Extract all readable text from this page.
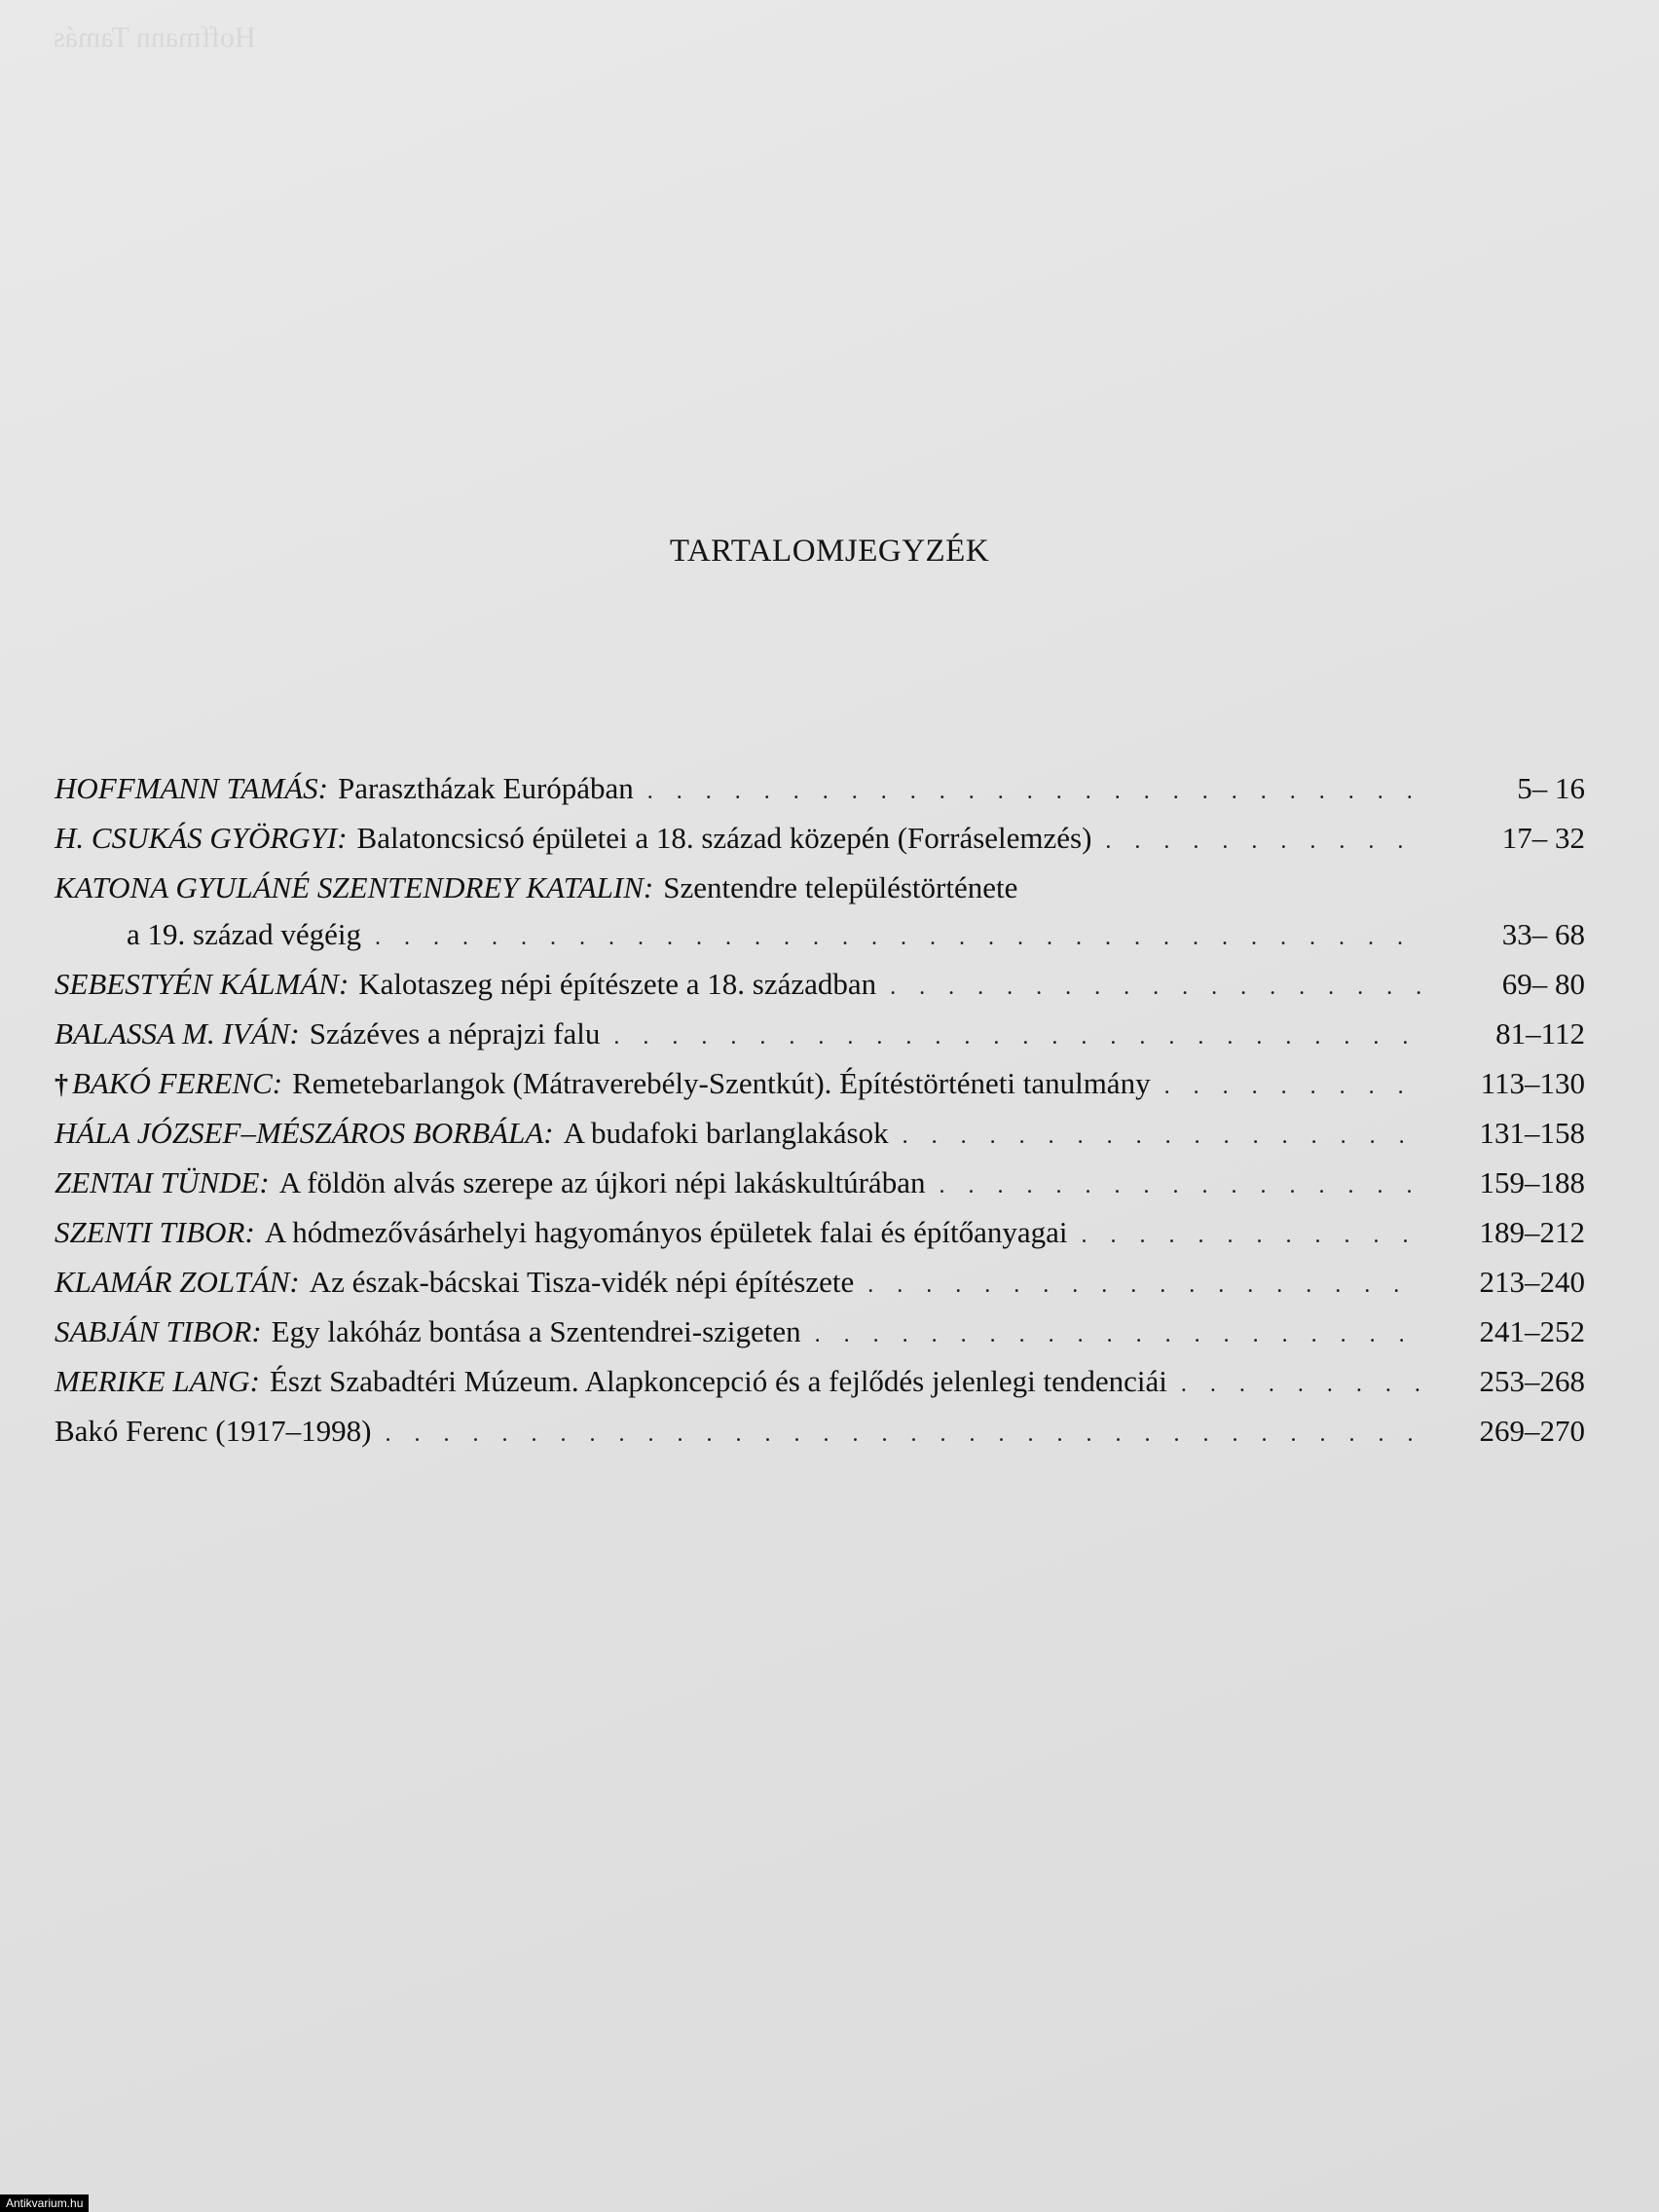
Hoffmann Tamás
TARTALOMJEGYZÉK
HOFFMANN TAMÁS: Parasztházak Európában . . .	5– 16
H. CSUKÁS GYÖRGYI: Balatoncsicsó épületei a 18. század közepén (Forráselemzés) . . .	17– 32
KATONA GYULÁNÉ SZENTENDREY KATALIN: Szentendre településtörténete
a 19. század végéig . . .	33– 68
SEBESTYÉN KÁLMÁN: Kalotaszeg népi építészete a 18. században . . .	69– 80
BALASSA M. IVÁN: Százéves a néprajzi falu . . .	81–112
† BAKÓ FERENC: Remetebarlangok (Mátraverebély-Szentkút). Építéstörténeti tanulmány . . .	113–130
HÁLA JÓZSEF–MÉSZÁROS BORBÁLA: A budafoki barlanglakások . . .	131–158
ZENTAI TÜNDE: A földön alvás szerepe az újkori népi lakáskultúrában . . .	159–188
SZENTI TIBOR: A hódmezővásárhelyi hagyományos épületek falai és építőanyagai . . .	189–212
KLAMÁR ZOLTÁN: Az észak-bácskai Tisza-vidék népi építészete . . .	213–240
SABJÁN TIBOR: Egy lakóház bontása a Szentendrei-szigeten . . .	241–252
MERIKE LANG: Észt Szabadtéri Múzeum. Alapkoncepció és a fejlődés jelenlegi tendenciái . . .	253–268
Bakó Ferenc (1917–1998) . . .	269–270
Antikvarium.hu
